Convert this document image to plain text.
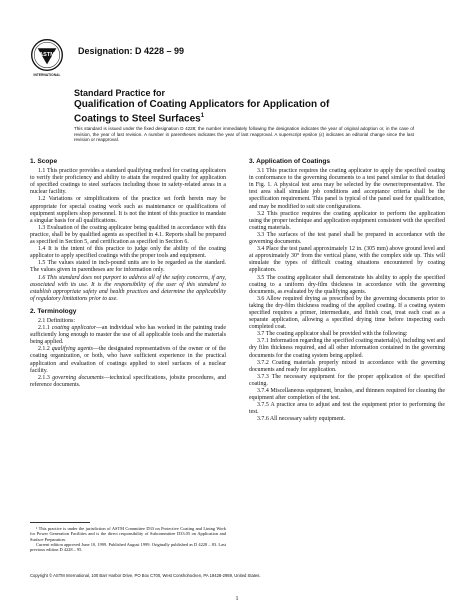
ASTM
INTERNATIONAL
Designation: D 4228 – 99
Standard Practice for
Qualification of Coating Applicators for Application of
Coatings to Steel Surfaces$^1$
This standard is issued under the fixed designation D 4228; the number immediately following the designation indicates the year of original adoption or, in the case of revision, the year of last revision. A number in parentheses indicates the year of last reapproval. A superscript epsilon (ε) indicates an editorial change since the last revision or reapproval.
1. Scope

1.1 This practice provides a standard qualifying method for coating applicators to verify their proficiency and ability to attain the required quality for application of specified coatings to steel surfaces including those in safety-related areas in a nuclear facility.

1.2 Variations or simplifications of the practice set forth herein may be appropriate for special coating work such as maintenance or qualifications of equipment suppliers shop personnel. It is not the intent of this practice to mandate a singular basis for all qualifications.

1.3 Evaluation of the coating applicator being qualified in accordance with this practice, shall be by qualified agents as specified in 4.1. Reports shall be prepared as specified in Section 5, and certification as specified in Section 6.

1.4 It is the intent of this practice to judge only the ability of the coating applicator to apply specified coatings with the proper tools and equipment.

1.5 The values stated in inch-pound units are to be regarded as the standard. The values given in parentheses are for information only.

1.6 This standard does not purport to address all of the safety concerns, if any, associated with its use. It is the responsibility of the user of this standard to establish appropriate safety and health practices and determine the applicability of regulatory limitations prior to use.

2. Terminology

2.1 Definitions:

2.1.1 coating applicator—an individual who has worked in the painting trade sufficiently long enough to master the use of all applicable tools and the materials being applied.

2.1.2 qualifying agents—the designated representatives of the owner or of the coating organization, or both, who have sufficient experience in the practical application and evaluation of coatings applied to steel surfaces of a nuclear facility.

2.1.3 governing documents—technical specifications, jobsite procedures, and reference documents.

3. Application of Coatings

3.1 This practice requires the coating applicator to apply the specified coating in conformance to the governing documents to a test panel similar to that detailed in Fig. 1. A physical test area may be selected by the owner/representative. The test area shall simulate job conditions and acceptance criteria shall be the specification requirement. This panel is typical of the panel used for qualification, and may be modified to suit site configurations.

3.2 This practice requires the coating applicator to perform the application using the proper technique and application equipment consistent with the specified coating materials.

3.3 The surfaces of the test panel shall be prepared in accordance with the governing documents.

3.4 Place the test panel approximately 12 in. (305 mm) above ground level and at approximately 30° from the vertical plane, with the complex side up. This will simulate the types of difficult coating situations encountered by coating applicators.

3.5 The coating applicator shall demonstrate his ability to apply the specified coating to a uniform dry-film thickness in accordance with the governing documents, as evaluated by the qualifying agents.

3.6 Allow required drying as prescribed by the governing documents prior to taking the dry-film thickness reading of the applied coating. If a coating system specified requires a primer, intermediate, and finish coat, treat each coat as a separate application, allowing a specified drying time before inspecting each completed coat.

3.7 The coating applicator shall be provided with the following:

3.7.1 Information regarding the specified coating material(s), including wet and dry film thickness required, and all other information contained in the governing documents for the coating system being applied.

3.7.2 Coating materials properly mixed in accordance with the governing documents and ready for application.

3.7.3 The necessary equipment for the proper application of the specified coating.

3.7.4 Miscellaneous equipment, brushes, and thinners required for cleaning the equipment after completion of the test.

3.7.5 A practice area to adjust and test the equipment prior to performing the test.

3.7.6 All necessary safety equipment.

¹ This practice is under the jurisdiction of ASTM Committee D33 on Protective Coating and Lining Work for Power Generation Facilities and is the direct responsibility of Subcommittee D33.05 on Application and Surface Preparation.

Current edition approved June 10, 1999. Published August 1999. Originally published as D 4228 – 83. Last previous edition D 4228 – 95.

Copyright © ASTM International, 100 Barr Harbor Drive, PO Box C700, West Conshohocken, PA 19428-2959, United States.
1
